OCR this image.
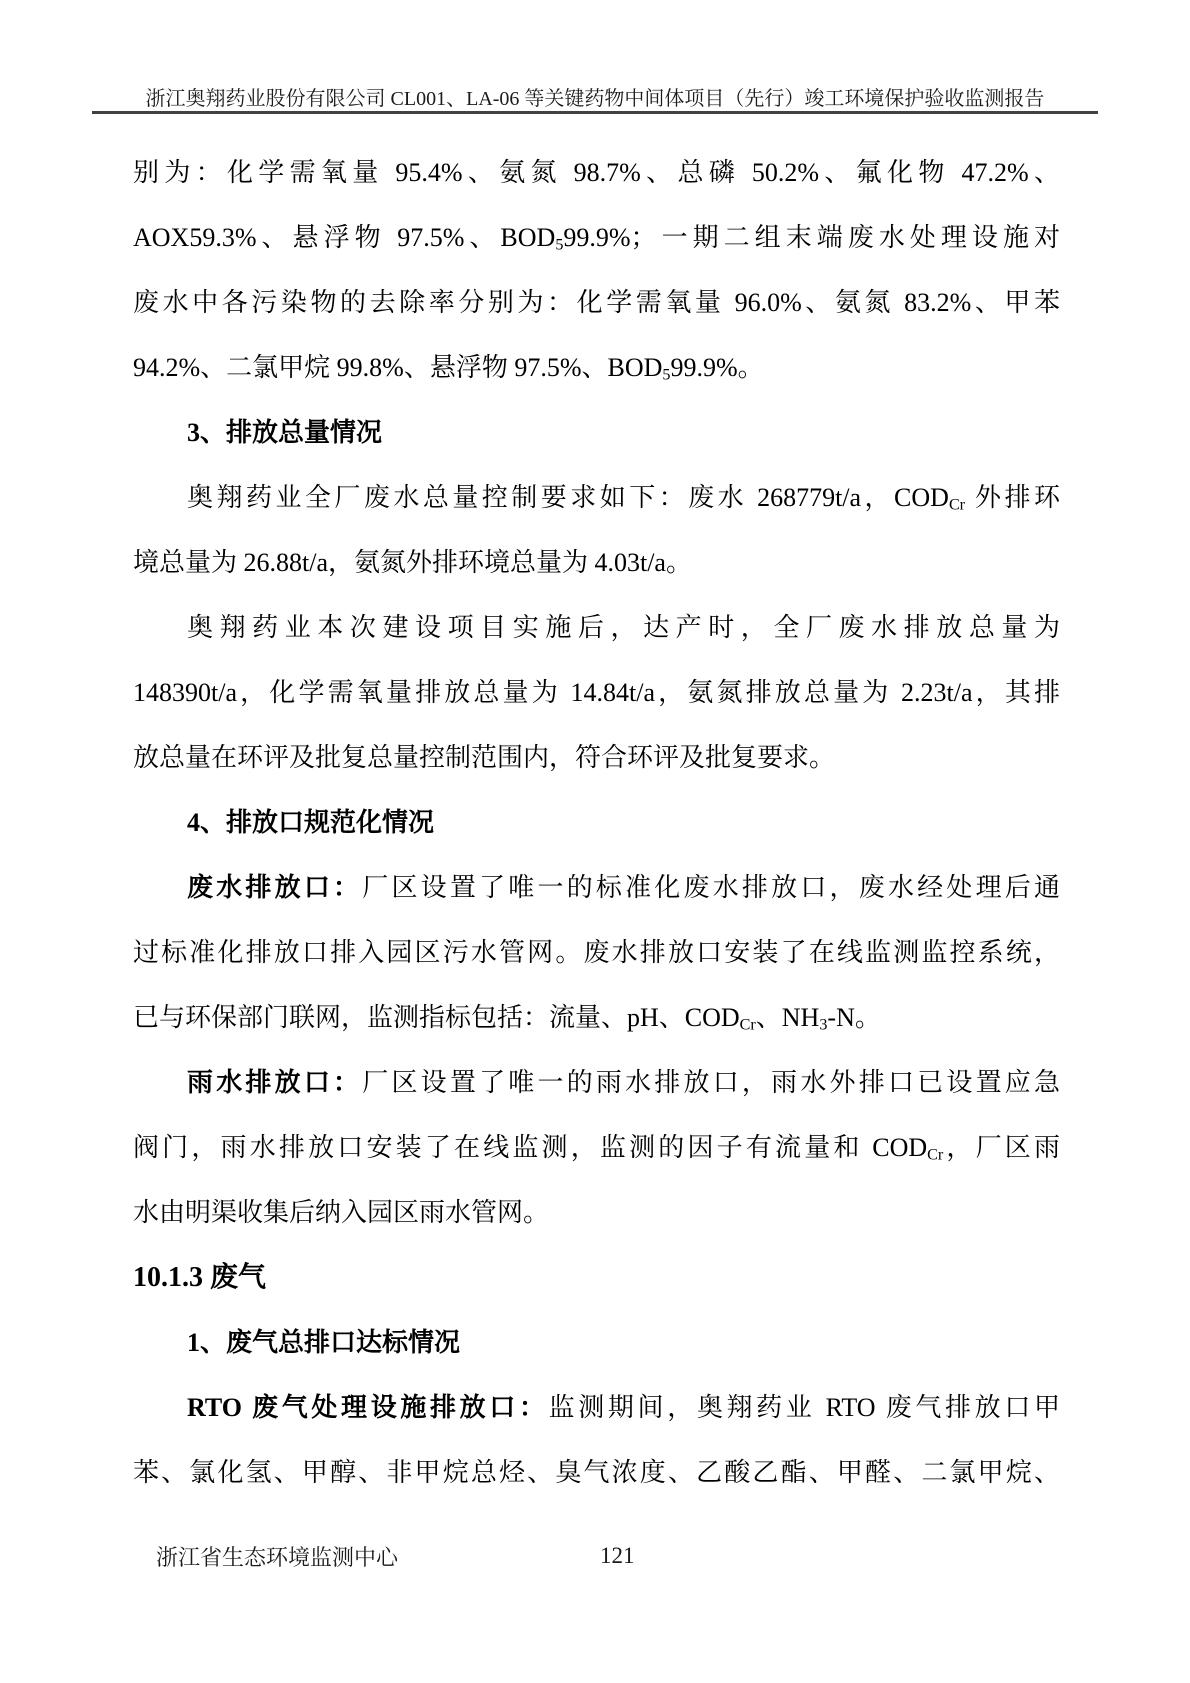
浙江奥翔药业股份有限公司 CL001、LA-06 等关键药物中间体项目（先行）竣工环境保护验收监测报告
别为：化学需氧量 95.4%、氨氮 98.7%、总磷 50.2%、氟化物 47.2%、
AOX59.3%、悬浮物 97.5%、BOD599.9%；一期二组末端废水处理设施对
废水中各污染物的去除率分别为：化学需氧量 96.0%、氨氮 83.2%、甲苯
94.2%、二氯甲烷 99.8%、悬浮物 97.5%、BOD599.9%。
3、排放总量情况
奥翔药业全厂废水总量控制要求如下：废水 268779t/a，CODCr 外排环
境总量为 26.88t/a，氨氮外排环境总量为 4.03t/a。
奥翔药业本次建设项目实施后，达产时，全厂废水排放总量为
148390t/a，化学需氧量排放总量为 14.84t/a，氨氮排放总量为 2.23t/a，其排
放总量在环评及批复总量控制范围内，符合环评及批复要求。
4、排放口规范化情况
废水排放口：厂区设置了唯一的标准化废水排放口，废水经处理后通
过标准化排放口排入园区污水管网。废水排放口安装了在线监测监控系统，
已与环保部门联网，监测指标包括：流量、pH、CODCr、NH3-N。
雨水排放口：厂区设置了唯一的雨水排放口，雨水外排口已设置应急
阀门，雨水排放口安装了在线监测，监测的因子有流量和 CODCr，厂区雨
水由明渠收集后纳入园区雨水管网。
10.1.3 废气
1、废气总排口达标情况
RTO 废气处理设施排放口：监测期间，奥翔药业 RTO 废气排放口甲
苯、氯化氢、甲醇、非甲烷总烃、臭气浓度、乙酸乙酯、甲醛、二氯甲烷、
浙江省生态环境监测中心	121
